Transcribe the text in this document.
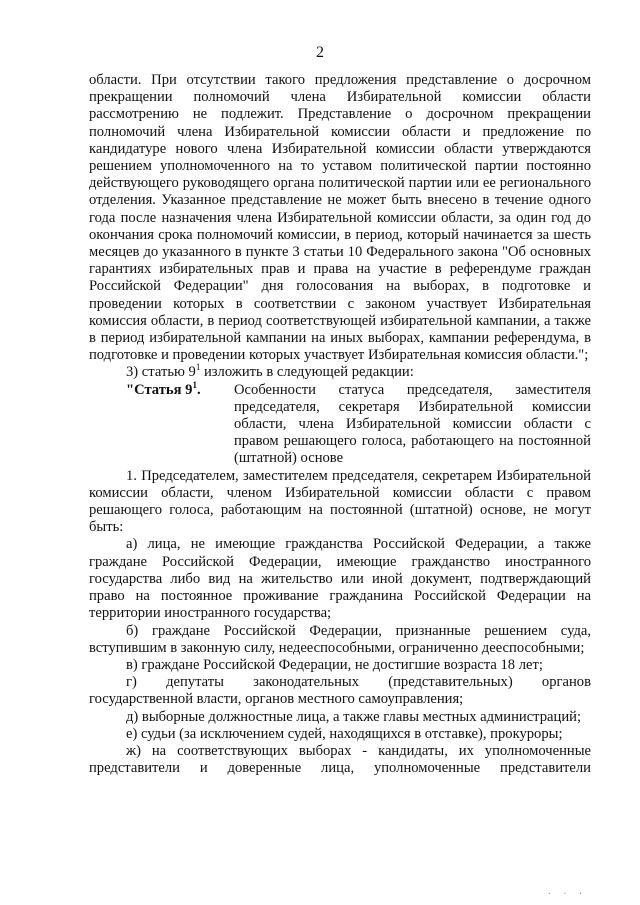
2

области. При отсутствии такого предложения представление о досрочном прекращении полномочий члена Избирательной комиссии области рассмотрению не подлежит. Представление о досрочном прекращении полномочий члена Избирательной комиссии области и предложение по кандидатуре нового члена Избирательной комиссии области утверждаются решением уполномоченного на то уставом политической партии постоянно действующего руководящего органа политической партии или ее регионального отделения. Указанное представление не может быть внесено в течение одного года после назначения члена Избирательной комиссии области, за один год до окончания срока полномочий комиссии, в период, который начинается за шесть месяцев до указанного в пункте 3 статьи 10 Федерального закона "Об основных гарантиях избирательных прав и права на участие в референдуме граждан Российской Федерации" дня голосования на выборах, в подготовке и проведении которых в соответствии с законом участвует Избирательная комиссия области, в период соответствующей избирательной кампании, а также в период избирательной кампании на иных выборах, кампании референдума, в подготовке и проведении которых участвует Избирательная комиссия области.";

3) статью $9^1$ изложить в следующей редакции:

"Статья $9^1$.	Особенности статуса председателя, заместителя председателя, секретаря Избирательной комиссии области, члена Избирательной комиссии области с правом решающего голоса, работающего на постоянной (штатной) основе

1. Председателем, заместителем председателя, секретарем Избирательной комиссии области, членом Избирательной комиссии области с правом решающего голоса, работающим на постоянной (штатной) основе, не могут быть:

а) лица, не имеющие гражданства Российской Федерации, а также граждане Российской Федерации, имеющие гражданство иностранного государства либо вид на жительство или иной документ, подтверждающий право на постоянное проживание гражданина Российской Федерации на территории иностранного государства;

б) граждане Российской Федерации, признанные решением суда, вступившим в законную силу, недееспособными, ограниченно дееспособными;

в) граждане Российской Федерации, не достигшие возраста 18 лет;

г) депутаты законодательных (представительных) органов государственной власти, органов местного самоуправления;

д) выборные должностные лица, а также главы местных администраций;

е) судьи (за исключением судей, находящихся в отставке), прокуроры;

ж) на соответствующих выборах - кандидаты, их уполномоченные представители и доверенные лица, уполномоченные представители

· · ·
